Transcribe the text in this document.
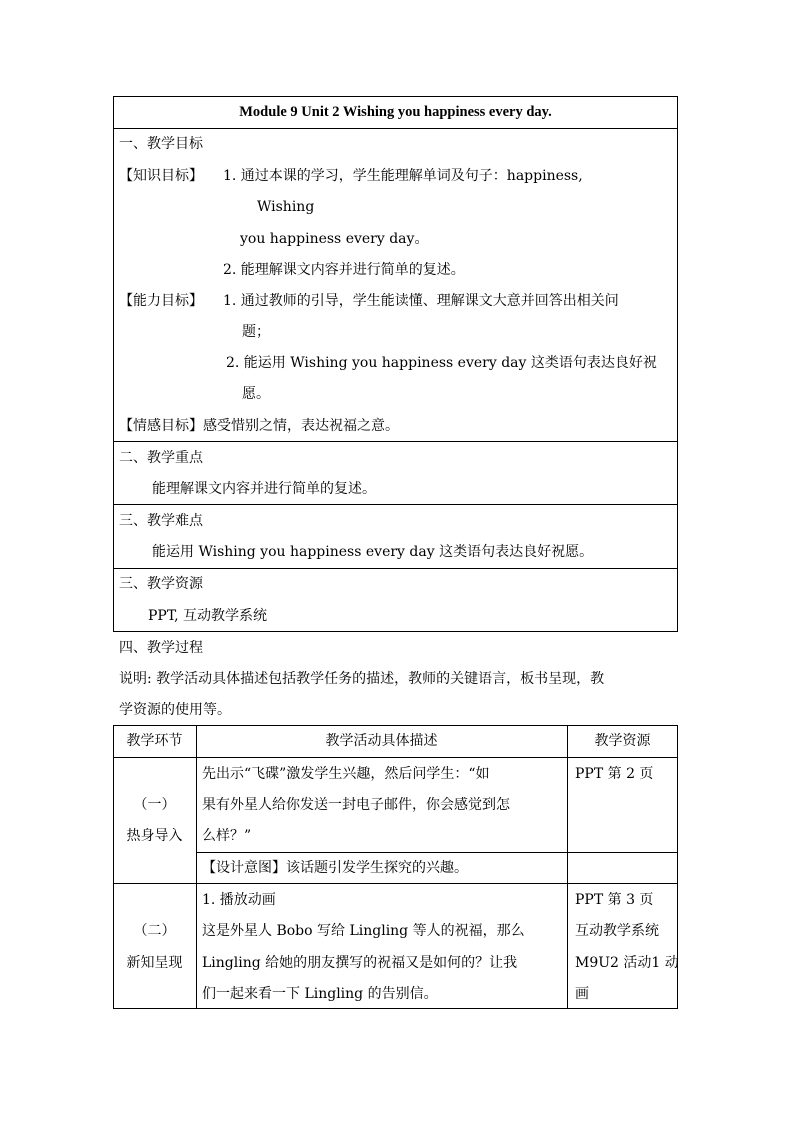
Module 9 Unit 2 Wishing you happiness every day.
一、教学目标
【知识目标】 1. 通过本课的学习，学生能理解单词及句子：happiness,
Wishing
you happiness every day。
2. 能理解课文内容并进行简单的复述。
【能力目标】 1. 通过教师的引导，学生能读懂、理解课文大意并回答出相关问
题；
2. 能运用 Wishing you happiness every day 这类语句表达良好祝
愿。
【情感目标】感受惜别之情，表达祝福之意。
二、教学重点
能理解课文内容并进行简单的复述。
三、教学难点
能运用 Wishing you happiness every day 这类语句表达良好祝愿。
三、教学资源
PPT, 互动教学系统
四、教学过程
说明: 教学活动具体描述包括教学任务的描述，教师的关键语言，板书呈现，教
学资源的使用等。
教学环节	教学活动具体描述	教学资源
（一）
热身导入
先出示“飞碟”激发学生兴趣，然后问学生：“如
果有外星人给你发送一封电子邮件，你会感觉到怎
么样？”
【设计意图】该话题引发学生探究的兴趣。
PPT 第 2 页
（二）
新知呈现
1. 播放动画
这是外星人 Bobo 写给 Lingling 等人的祝福，那么
Lingling 给她的朋友撰写的祝福又是如何的？让我
们一起来看一下 Lingling 的告别信。
PPT 第 3 页
互动教学系统
M9U2 活动1 动
画
